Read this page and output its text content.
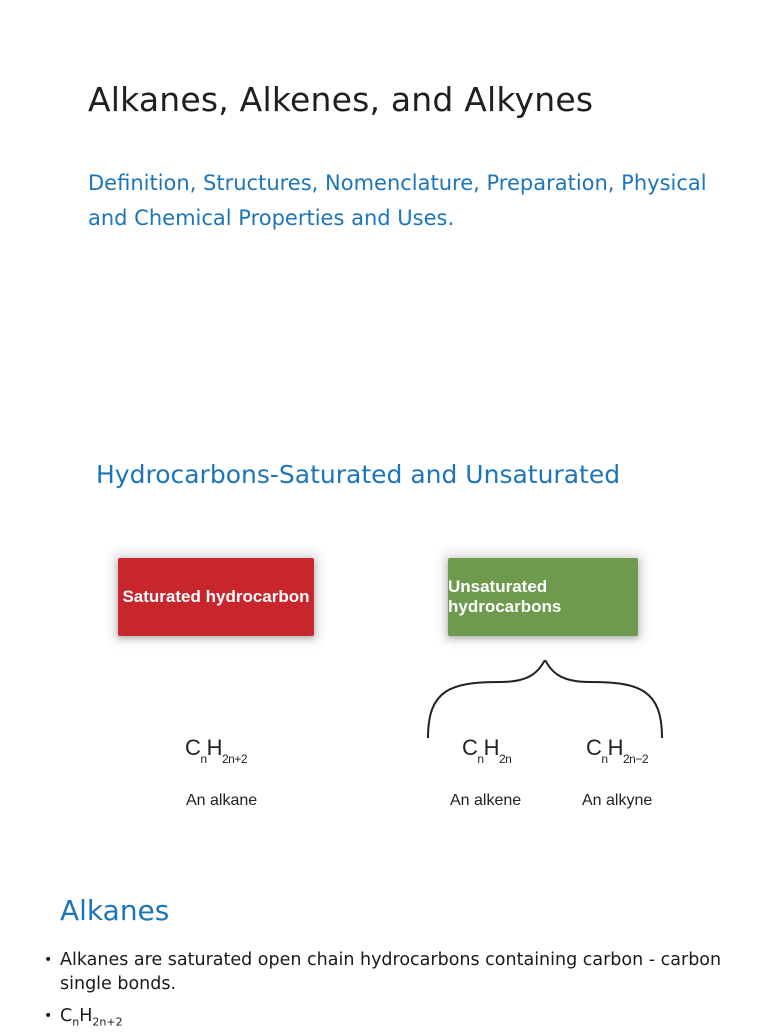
Alkanes, Alkenes, and Alkynes

Definition, Structures, Nomenclature, Preparation, Physical and Chemical Properties and Uses.

Hydrocarbons-Saturated and Unsaturated
Saturated hydrocarbon
Unsaturated hydrocarbons
$C_nH_{2n+2}$
An alkane
$C_nH_{2n}$
An alkene
$C_nH_{2n-2}$
An alkyne
Alkanes
• Alkanes are saturated open chain hydrocarbons containing carbon - carbon single bonds.
• $C_nH_{2n+2}$
